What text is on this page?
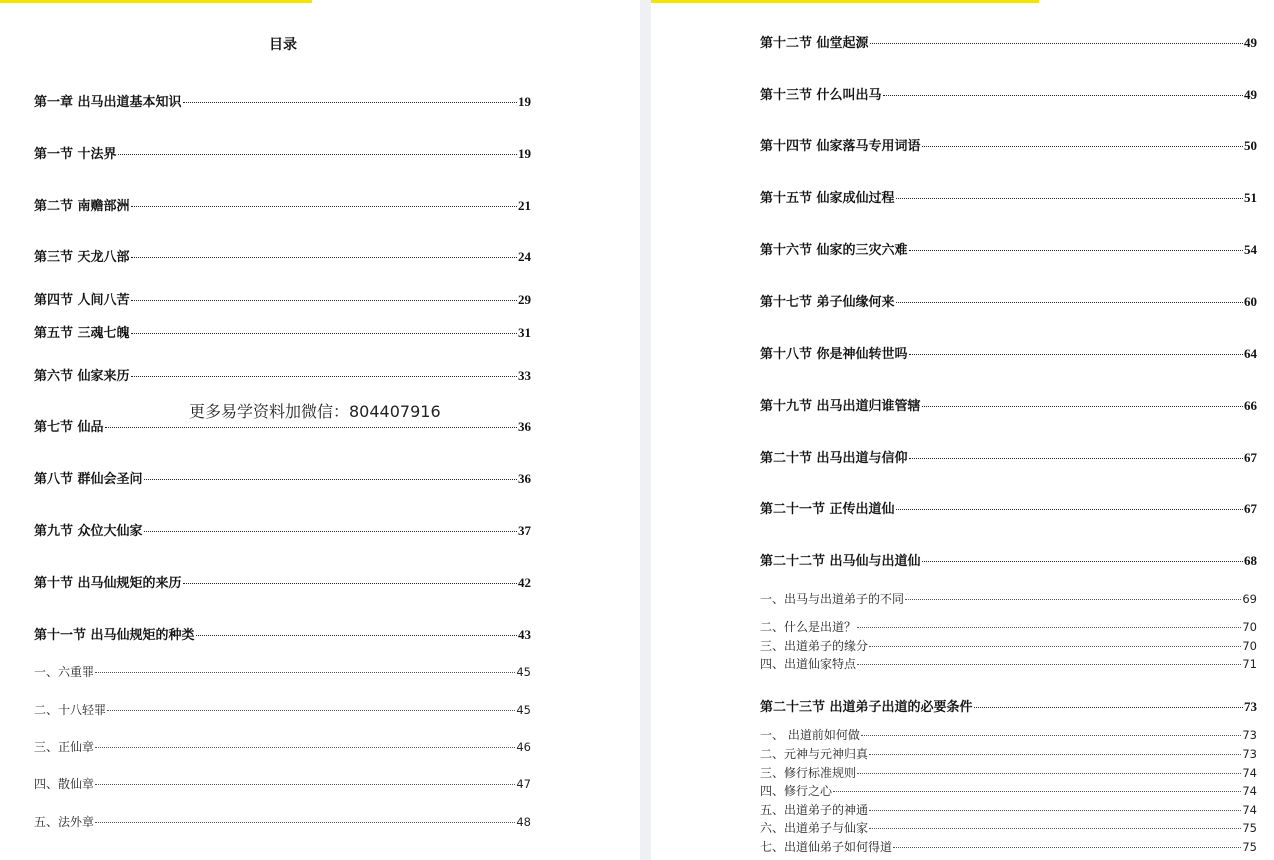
目录
第一章 出马出道基本知识	19
第一节 十法界	19
第二节 南赡部洲	21
第三节 天龙八部	24
第四节 人间八苦	29
第五节 三魂七魄	31
第六节 仙家来历	33
第七节 仙品	36
第八节 群仙会圣问	36
第九节 众位大仙家	37
第十节 出马仙规矩的来历	42
第十一节 出马仙规矩的种类	43
一、六重罪	45
二、十八轻罪	45
三、正仙章	46
四、散仙章	47
五、法外章	48
更多易学资料加微信：804407916
第十二节 仙堂起源	49
第十三节 什么叫出马	49
第十四节 仙家落马专用词语	50
第十五节 仙家成仙过程	51
第十六节 仙家的三灾六难	54
第十七节 弟子仙缘何来	60
第十八节 你是神仙转世吗	64
第十九节 出马出道归谁管辖	66
第二十节 出马出道与信仰	67
第二十一节 正传出道仙	67
第二十二节 出马仙与出道仙	68
一、出马与出道弟子的不同	69
二、什么是出道？	70
三、出道弟子的缘分	70
四、出道仙家特点	71
第二十三节 出道弟子出道的必要条件	73
一、 出道前如何做	73
二、元神与元神归真	73
三、修行标准规则	74
四、修行之心	74
五、出道弟子的神通	74
六、出道弟子与仙家	75
七、出道仙弟子如何得道	75
